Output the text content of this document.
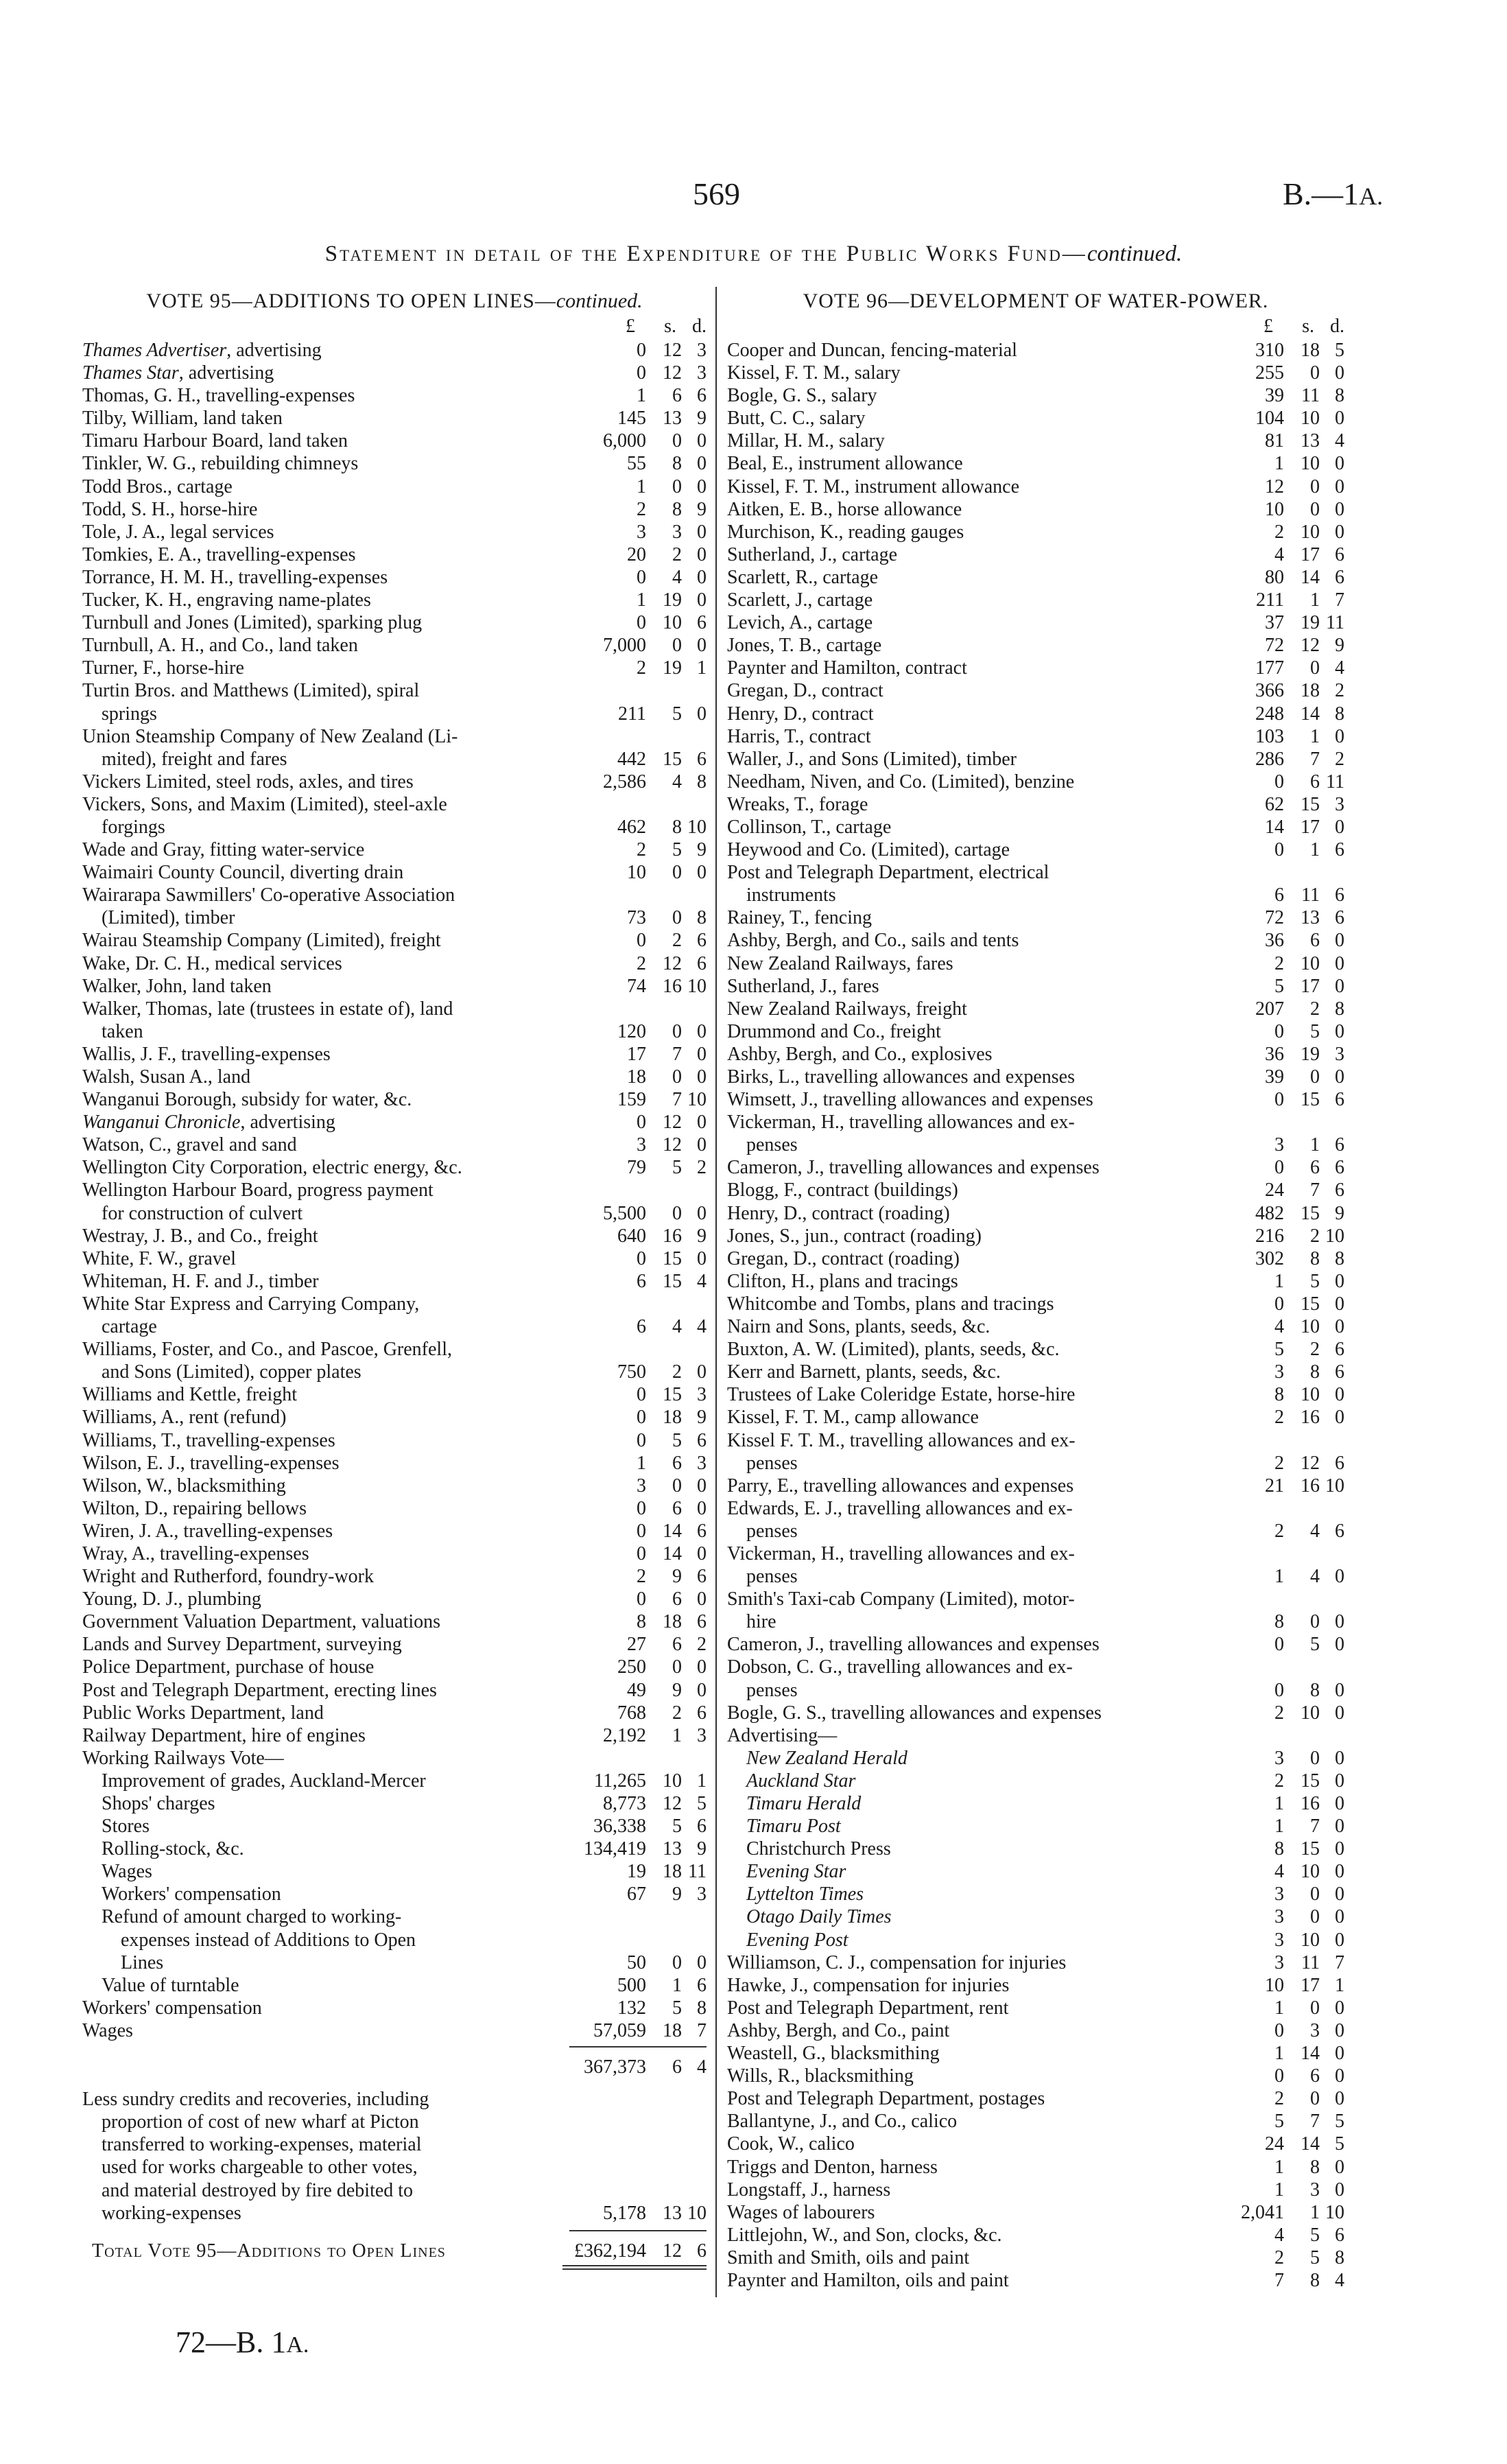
569	B.—1A.
Statement in detail of the Expenditure of the Public Works Fund—continued.
VOTE 95—ADDITIONS TO OPEN LINES—continued.
£ s. d.
Thames Advertiser, advertising	0 12 3
Thames Star, advertising	0 12 3
Thomas, G. H., travelling-expenses	1 6 6
Tilby, William, land taken	145 13 9
Timaru Harbour Board, land taken	6,000 0 0
Tinkler, W. G., rebuilding chimneys	55 8 0
Todd Bros., cartage	1 0 0
Todd, S. H., horse-hire	2 8 9
Tole, J. A., legal services	3 3 0
Tomkies, E. A., travelling-expenses	20 2 0
Torrance, H. M. H., travelling-expenses	0 4 0
Tucker, K. H., engraving name-plates	1 19 0
Turnbull and Jones (Limited), sparking plug	0 10 6
Turnbull, A. H., and Co., land taken	7,000 0 0
Turner, F., horse-hire	2 19 1
Turtin Bros. and Matthews (Limited), spiral
springs	211 5 0
Union Steamship Company of New Zealand (Li-
mited), freight and fares	442 15 6
Vickers Limited, steel rods, axles, and tires	2,586 4 8
Vickers, Sons, and Maxim (Limited), steel-axle
forgings	462 8 10
Wade and Gray, fitting water-service	2 5 9
Waimairi County Council, diverting drain	10 0 0
Wairarapa Sawmillers' Co-operative Association
(Limited), timber	73 0 8
Wairau Steamship Company (Limited), freight	0 2 6
Wake, Dr. C. H., medical services	2 12 6
Walker, John, land taken	74 16 10
Walker, Thomas, late (trustees in estate of), land
taken	120 0 0
Wallis, J. F., travelling-expenses	17 7 0
Walsh, Susan A., land	18 0 0
Wanganui Borough, subsidy for water, &c.	159 7 10
Wanganui Chronicle, advertising	0 12 0
Watson, C., gravel and sand	3 12 0
Wellington City Corporation, electric energy, &c.	79 5 2
Wellington Harbour Board, progress payment
for construction of culvert	5,500 0 0
Westray, J. B., and Co., freight	640 16 9
White, F. W., gravel	0 15 0
Whiteman, H. F. and J., timber	6 15 4
White Star Express and Carrying Company,
cartage	6 4 4
Williams, Foster, and Co., and Pascoe, Grenfell,
and Sons (Limited), copper plates	750 2 0
Williams and Kettle, freight	0 15 3
Williams, A., rent (refund)	0 18 9
Williams, T., travelling-expenses	0 5 6
Wilson, E. J., travelling-expenses	1 6 3
Wilson, W., blacksmithing	3 0 0
Wilton, D., repairing bellows	0 6 0
Wiren, J. A., travelling-expenses	0 14 6
Wray, A., travelling-expenses	0 14 0
Wright and Rutherford, foundry-work	2 9 6
Young, D. J., plumbing	0 6 0
Government Valuation Department, valuations	8 18 6
Lands and Survey Department, surveying	27 6 2
Police Department, purchase of house	250 0 0
Post and Telegraph Department, erecting lines	49 9 0
Public Works Department, land	768 2 6
Railway Department, hire of engines	2,192 1 3
Working Railways Vote—
Improvement of grades, Auckland-Mercer	11,265 10 1
Shops' charges	8,773 12 5
Stores	36,338 5 6
Rolling-stock, &c.	134,419 13 9
Wages	19 18 11
Workers' compensation	67 9 3
Refund of amount charged to working-
expenses instead of Additions to Open
Lines	50 0 0
Value of turntable	500 1 6
Workers' compensation	132 5 8
Wages	57,059 18 7
367,373 6 4
Less sundry credits and recoveries, including
proportion of cost of new wharf at Picton
transferred to working-expenses, material
used for works chargeable to other votes,
and material destroyed by fire debited to
working-expenses	5,178 13 10
Total Vote 95—Additions to Open Lines	£362,194 12 6
VOTE 96—DEVELOPMENT OF WATER-POWER.
£ s. d.
Cooper and Duncan, fencing-material	310 18 5
Kissel, F. T. M., salary	255 0 0
Bogle, G. S., salary	39 11 8
Butt, C. C., salary	104 10 0
Millar, H. M., salary	81 13 4
Beal, E., instrument allowance	1 10 0
Kissel, F. T. M., instrument allowance	12 0 0
Aitken, E. B., horse allowance	10 0 0
Murchison, K., reading gauges	2 10 0
Sutherland, J., cartage	4 17 6
Scarlett, R., cartage	80 14 6
Scarlett, J., cartage	211 1 7
Levich, A., cartage	37 19 11
Jones, T. B., cartage	72 12 9
Paynter and Hamilton, contract	177 0 4
Gregan, D., contract	366 18 2
Henry, D., contract	248 14 8
Harris, T., contract	103 1 0
Waller, J., and Sons (Limited), timber	286 7 2
Needham, Niven, and Co. (Limited), benzine	0 6 11
Wreaks, T., forage	62 15 3
Collinson, T., cartage	14 17 0
Heywood and Co. (Limited), cartage	0 1 6
Post and Telegraph Department, electrical
instruments	6 11 6
Rainey, T., fencing	72 13 6
Ashby, Bergh, and Co., sails and tents	36 6 0
New Zealand Railways, fares	2 10 0
Sutherland, J., fares	5 17 0
New Zealand Railways, freight	207 2 8
Drummond and Co., freight	0 5 0
Ashby, Bergh, and Co., explosives	36 19 3
Birks, L., travelling allowances and expenses	39 0 0
Wimsett, J., travelling allowances and expenses	0 15 6
Vickerman, H., travelling allowances and ex-
penses	3 1 6
Cameron, J., travelling allowances and expenses	0 6 6
Blogg, F., contract (buildings)	24 7 6
Henry, D., contract (roading)	482 15 9
Jones, S., jun., contract (roading)	216 2 10
Gregan, D., contract (roading)	302 8 8
Clifton, H., plans and tracings	1 5 0
Whitcombe and Tombs, plans and tracings	0 15 0
Nairn and Sons, plants, seeds, &c.	4 10 0
Buxton, A. W. (Limited), plants, seeds, &c.	5 2 6
Kerr and Barnett, plants, seeds, &c.	3 8 6
Trustees of Lake Coleridge Estate, horse-hire	8 10 0
Kissel, F. T. M., camp allowance	2 16 0
Kissel F. T. M., travelling allowances and ex-
penses	2 12 6
Parry, E., travelling allowances and expenses	21 16 10
Edwards, E. J., travelling allowances and ex-
penses	2 4 6
Vickerman, H., travelling allowances and ex-
penses	1 4 0
Smith's Taxi-cab Company (Limited), motor-
hire	8 0 0
Cameron, J., travelling allowances and expenses	0 5 0
Dobson, C. G., travelling allowances and ex-
penses	0 8 0
Bogle, G. S., travelling allowances and expenses	2 10 0
Advertising—
New Zealand Herald	3 0 0
Auckland Star	2 15 0
Timaru Herald	1 16 0
Timaru Post	1 7 0
Christchurch Press	8 15 0
Evening Star	4 10 0
Lyttelton Times	3 0 0
Otago Daily Times	3 0 0
Evening Post	3 10 0
Williamson, C. J., compensation for injuries	3 11 7
Hawke, J., compensation for injuries	10 17 1
Post and Telegraph Department, rent	1 0 0
Ashby, Bergh, and Co., paint	0 3 0
Weastell, G., blacksmithing	1 14 0
Wills, R., blacksmithing	0 6 0
Post and Telegraph Department, postages	2 0 0
Ballantyne, J., and Co., calico	5 7 5
Cook, W., calico	24 14 5
Triggs and Denton, harness	1 8 0
Longstaff, J., harness	1 3 0
Wages of labourers	2,041 1 10
Littlejohn, W., and Son, clocks, &c.	4 5 6
Smith and Smith, oils and paint	2 5 8
Paynter and Hamilton, oils and paint	7 8 4
72—B. 1A.
